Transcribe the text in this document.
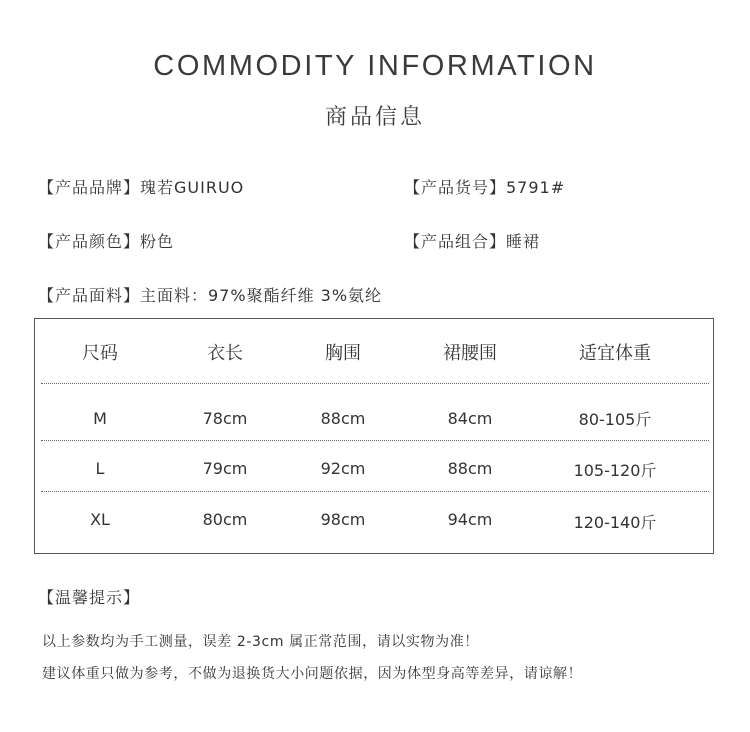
COMMODITY INFORMATION
商品信息
【产品品牌】瑰若GUIRUO	【产品货号】5791#
【产品颜色】粉色	【产品组合】睡裙
【产品面料】主面料：97%聚酯纤维 3%氨纶
尺码	衣长	胸围	裙腰围	适宜体重
M	78cm	88cm	84cm	80-105斤
L	79cm	92cm	88cm	105-120斤
XL	80cm	98cm	94cm	120-140斤
【温馨提示】
以上参数均为手工测量，误差 2-3cm 属正常范围，请以实物为准！
建议体重只做为参考，不做为退换货大小问题依据，因为体型身高等差异，请谅解！
